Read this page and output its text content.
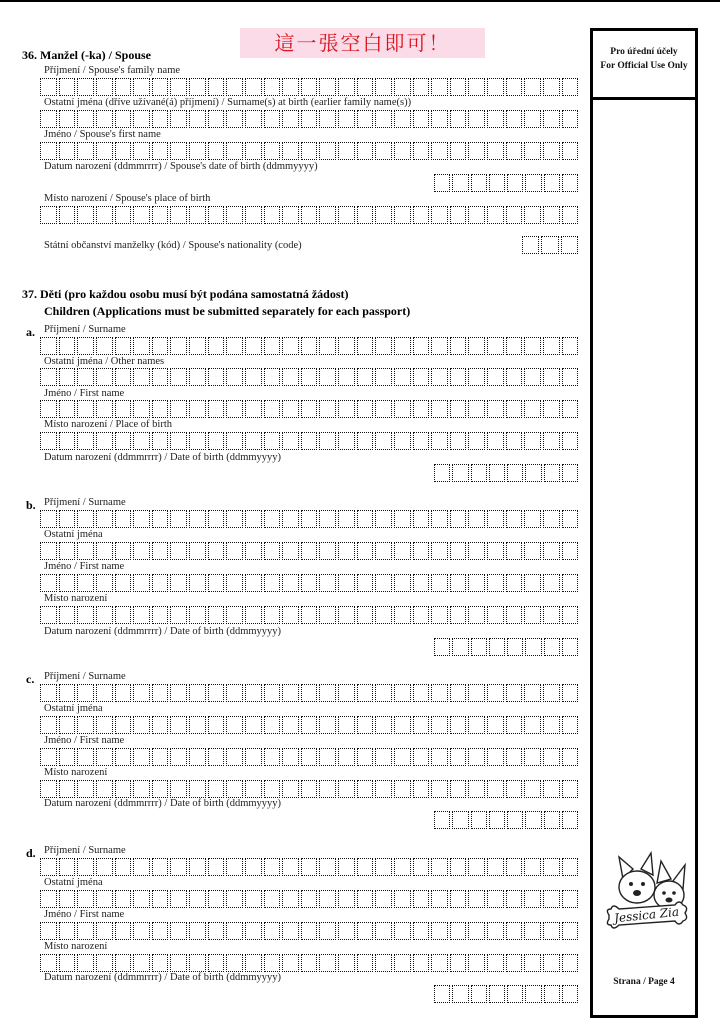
這一張空白即可！
36. Manžel (-ka) / Spouse
Příjmení / Spouse's family name
Ostatní jména (dříve užívané(á) příjmení) / Surname(s) at birth (earlier family name(s))
Jméno / Spouse's first name
Datum narození (ddmmrrrr) / Spouse's date of birth (ddmmyyyy)
Místo narození / Spouse's place of birth
Státní občanství manželky (kód) / Spouse's nationality (code)
37. Děti (pro každou osobu musí být podána samostatná žádost)
Children (Applications must be submitted separately for each passport)
a. Příjmení / Surname
Ostatní jména / Other names
Jméno / First name
Místo narození / Place of birth
Datum narození (ddmmrrrr) / Date of birth (ddmmyyyy)
b. Příjmení / Surname
Ostatní jména
Jméno / First name
Místo narození
Datum narození (ddmmrrrr) / Date of birth (ddmmyyyy)
c. Příjmení / Surname
Ostatní jména
Jméno / First name
Místo narození
Datum narození (ddmmrrrr) / Date of birth (ddmmyyyy)
d. Příjmení / Surname
Ostatní jména
Jméno / First name
Místo narození
Datum narození (ddmmrrrr) / Date of birth (ddmmyyyy)
Pro úřední účely
For Official Use Only
Jessica Zia
Strana / Page 4
